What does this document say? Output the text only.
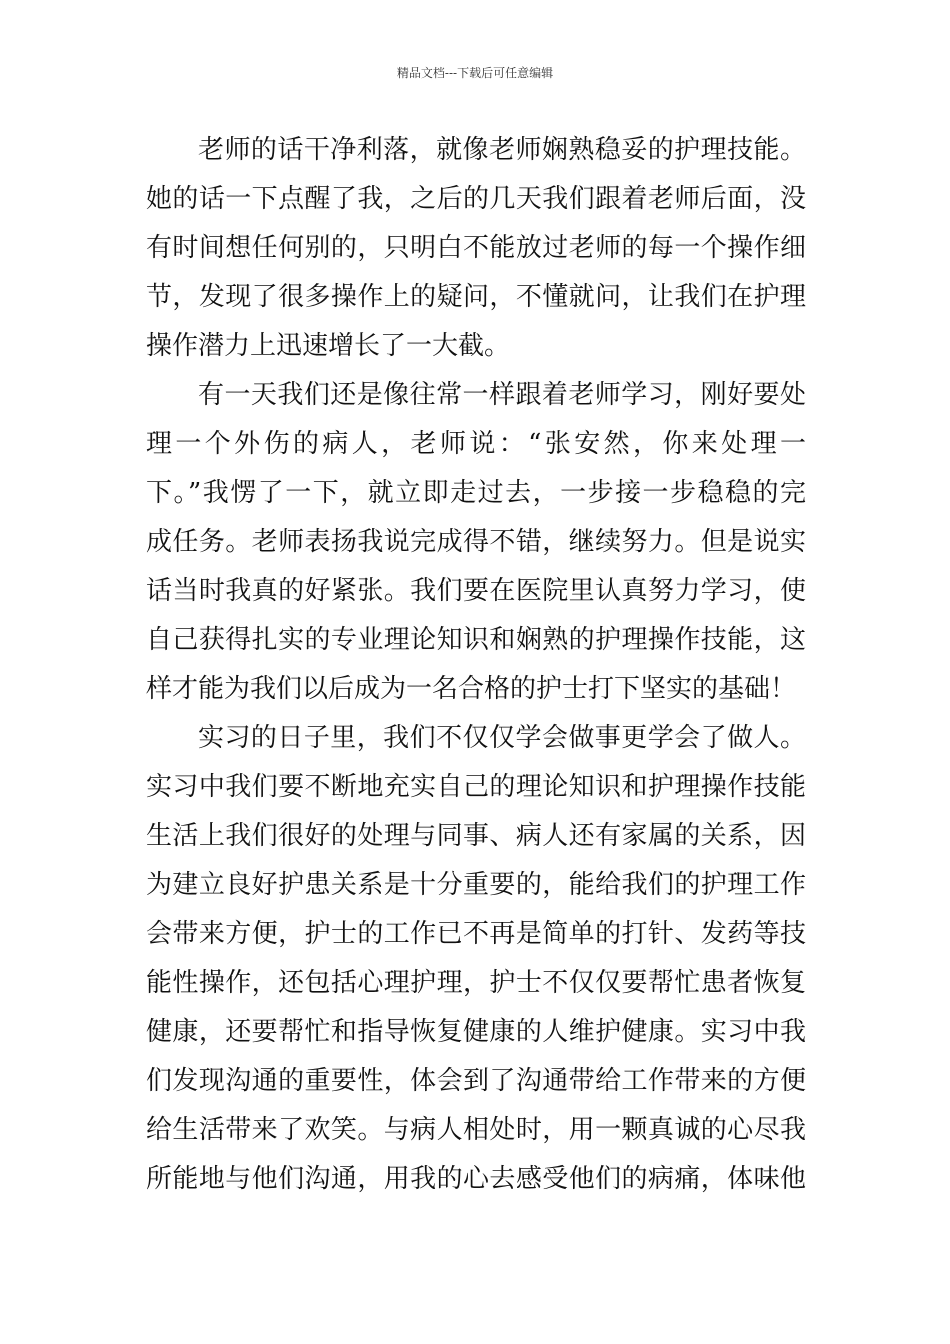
精品文档---下载后可任意编辑
老师的话干净利落，就像老师娴熟稳妥的护理技能。
她的话一下点醒了我，之后的几天我们跟着老师后面，没
有时间想任何别的，只明白不能放过老师的每一个操作细
节，发现了很多操作上的疑问，不懂就问，让我们在护理
操作潜力上迅速增长了一大截。
有一天我们还是像往常一样跟着老师学习，刚好要处
理一个外伤的病人，老师说：“张安然，你来处理一
下。”我愣了一下，就立即走过去，一步接一步稳稳的完
成任务。老师表扬我说完成得不错，继续努力。但是说实
话当时我真的好紧张。我们要在医院里认真努力学习，使
自己获得扎实的专业理论知识和娴熟的护理操作技能，这
样才能为我们以后成为一名合格的护士打下坚实的基础！
实习的日子里，我们不仅仅学会做事更学会了做人。
实习中我们要不断地充实自己的理论知识和护理操作技能
生活上我们很好的处理与同事、病人还有家属的关系，因
为建立良好护患关系是十分重要的，能给我们的护理工作
会带来方便，护士的工作已不再是简单的打针、发药等技
能性操作，还包括心理护理，护士不仅仅要帮忙患者恢复
健康，还要帮忙和指导恢复健康的人维护健康。实习中我
们发现沟通的重要性，体会到了沟通带给工作带来的方便
给生活带来了欢笑。与病人相处时，用一颗真诚的心尽我
所能地与他们沟通，用我的心去感受他们的病痛，体味他
